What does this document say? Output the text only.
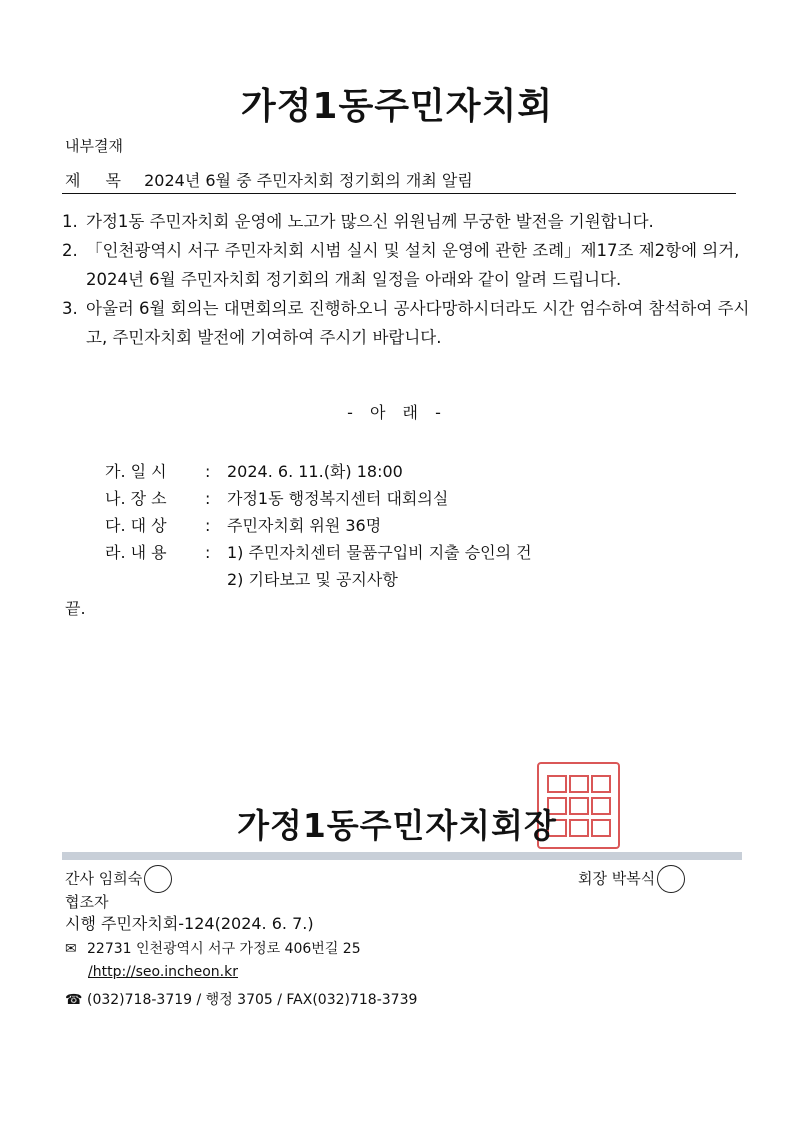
가정1동주민자치회
내부결재
제 목 2024년 6월 중 주민자치회 정기회의 개최 알림
1. 가정1동 주민자치회 운영에 노고가 많으신 위원님께 무궁한 발전을 기원합니다.
2. 「인천광역시 서구 주민자치회 시범 실시 및 설치 운영에 관한 조례」제17조 제2항에 의거, 2024년 6월 주민자치회 정기회의 개최 일정을 아래와 같이 알려 드립니다.
3. 아울러 6월 회의는 대면회의로 진행하오니 공사다망하시더라도 시간 엄수하여 참석하여 주시고, 주민자치회 발전에 기여하여 주시기 바랍니다.
- 아 래 -
가. 일 시	:	2024. 6. 11.(화) 18:00
나. 장 소	:	가정1동 행정복지센터 대회의실
다. 대 상	:	주민자치회 위원 36명
라. 내 용	:	1) 주민자치센터 물품구입비 지출 승인의 건
2) 기타보고 및 공지사항
끝.
가정1동주민자치회장
간사 임희숙	회장 박복식
협조자
시행 주민자치회-124(2024. 6. 7.)
✉ 22731 인천광역시 서구 가정로 406번길 25
/http://seo.incheon.kr
☎ (032)718-3719 / 행정 3705 / FAX(032)718-3739
